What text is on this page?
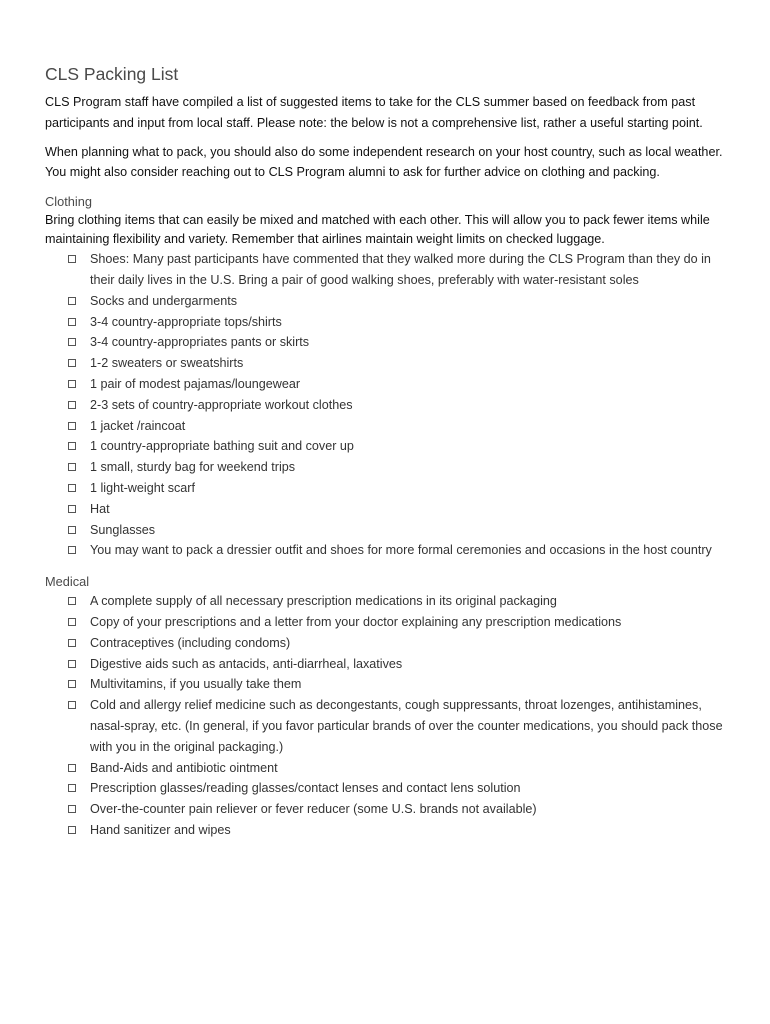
CLS Packing List

CLS Program staff have compiled a list of suggested items to take for the CLS summer based on feedback from past participants and input from local staff. Please note: the below is not a comprehensive list, rather a useful starting point.

When planning what to pack, you should also do some independent research on your host country, such as local weather. You might also consider reaching out to CLS Program alumni to ask for further advice on clothing and packing.

Clothing

Bring clothing items that can easily be mixed and matched with each other. This will allow you to pack fewer items while maintaining flexibility and variety. Remember that airlines maintain weight limits on checked luggage.

Shoes: Many past participants have commented that they walked more during the CLS Program than they do in their daily lives in the U.S. Bring a pair of good walking shoes, preferably with water-resistant soles
Socks and undergarments
3-4 country-appropriate tops/shirts
3-4 country-appropriates pants or skirts
1-2 sweaters or sweatshirts
1 pair of modest pajamas/loungewear
2-3 sets of country-appropriate workout clothes
1 jacket /raincoat
1 country-appropriate bathing suit and cover up
1 small, sturdy bag for weekend trips
1 light-weight scarf
Hat
Sunglasses
You may want to pack a dressier outfit and shoes for more formal ceremonies and occasions in the host country
Medical
A complete supply of all necessary prescription medications in its original packaging
Copy of your prescriptions and a letter from your doctor explaining any prescription medications
Contraceptives (including condoms)
Digestive aids such as antacids, anti-diarrheal, laxatives
Multivitamins, if you usually take them
Cold and allergy relief medicine such as decongestants, cough suppressants, throat lozenges, antihistamines, nasal-spray, etc. (In general, if you favor particular brands of over the counter medications, you should pack those with you in the original packaging.)
Band-Aids and antibiotic ointment
Prescription glasses/reading glasses/contact lenses and contact lens solution
Over-the-counter pain reliever or fever reducer (some U.S. brands not available)
Hand sanitizer and wipes
